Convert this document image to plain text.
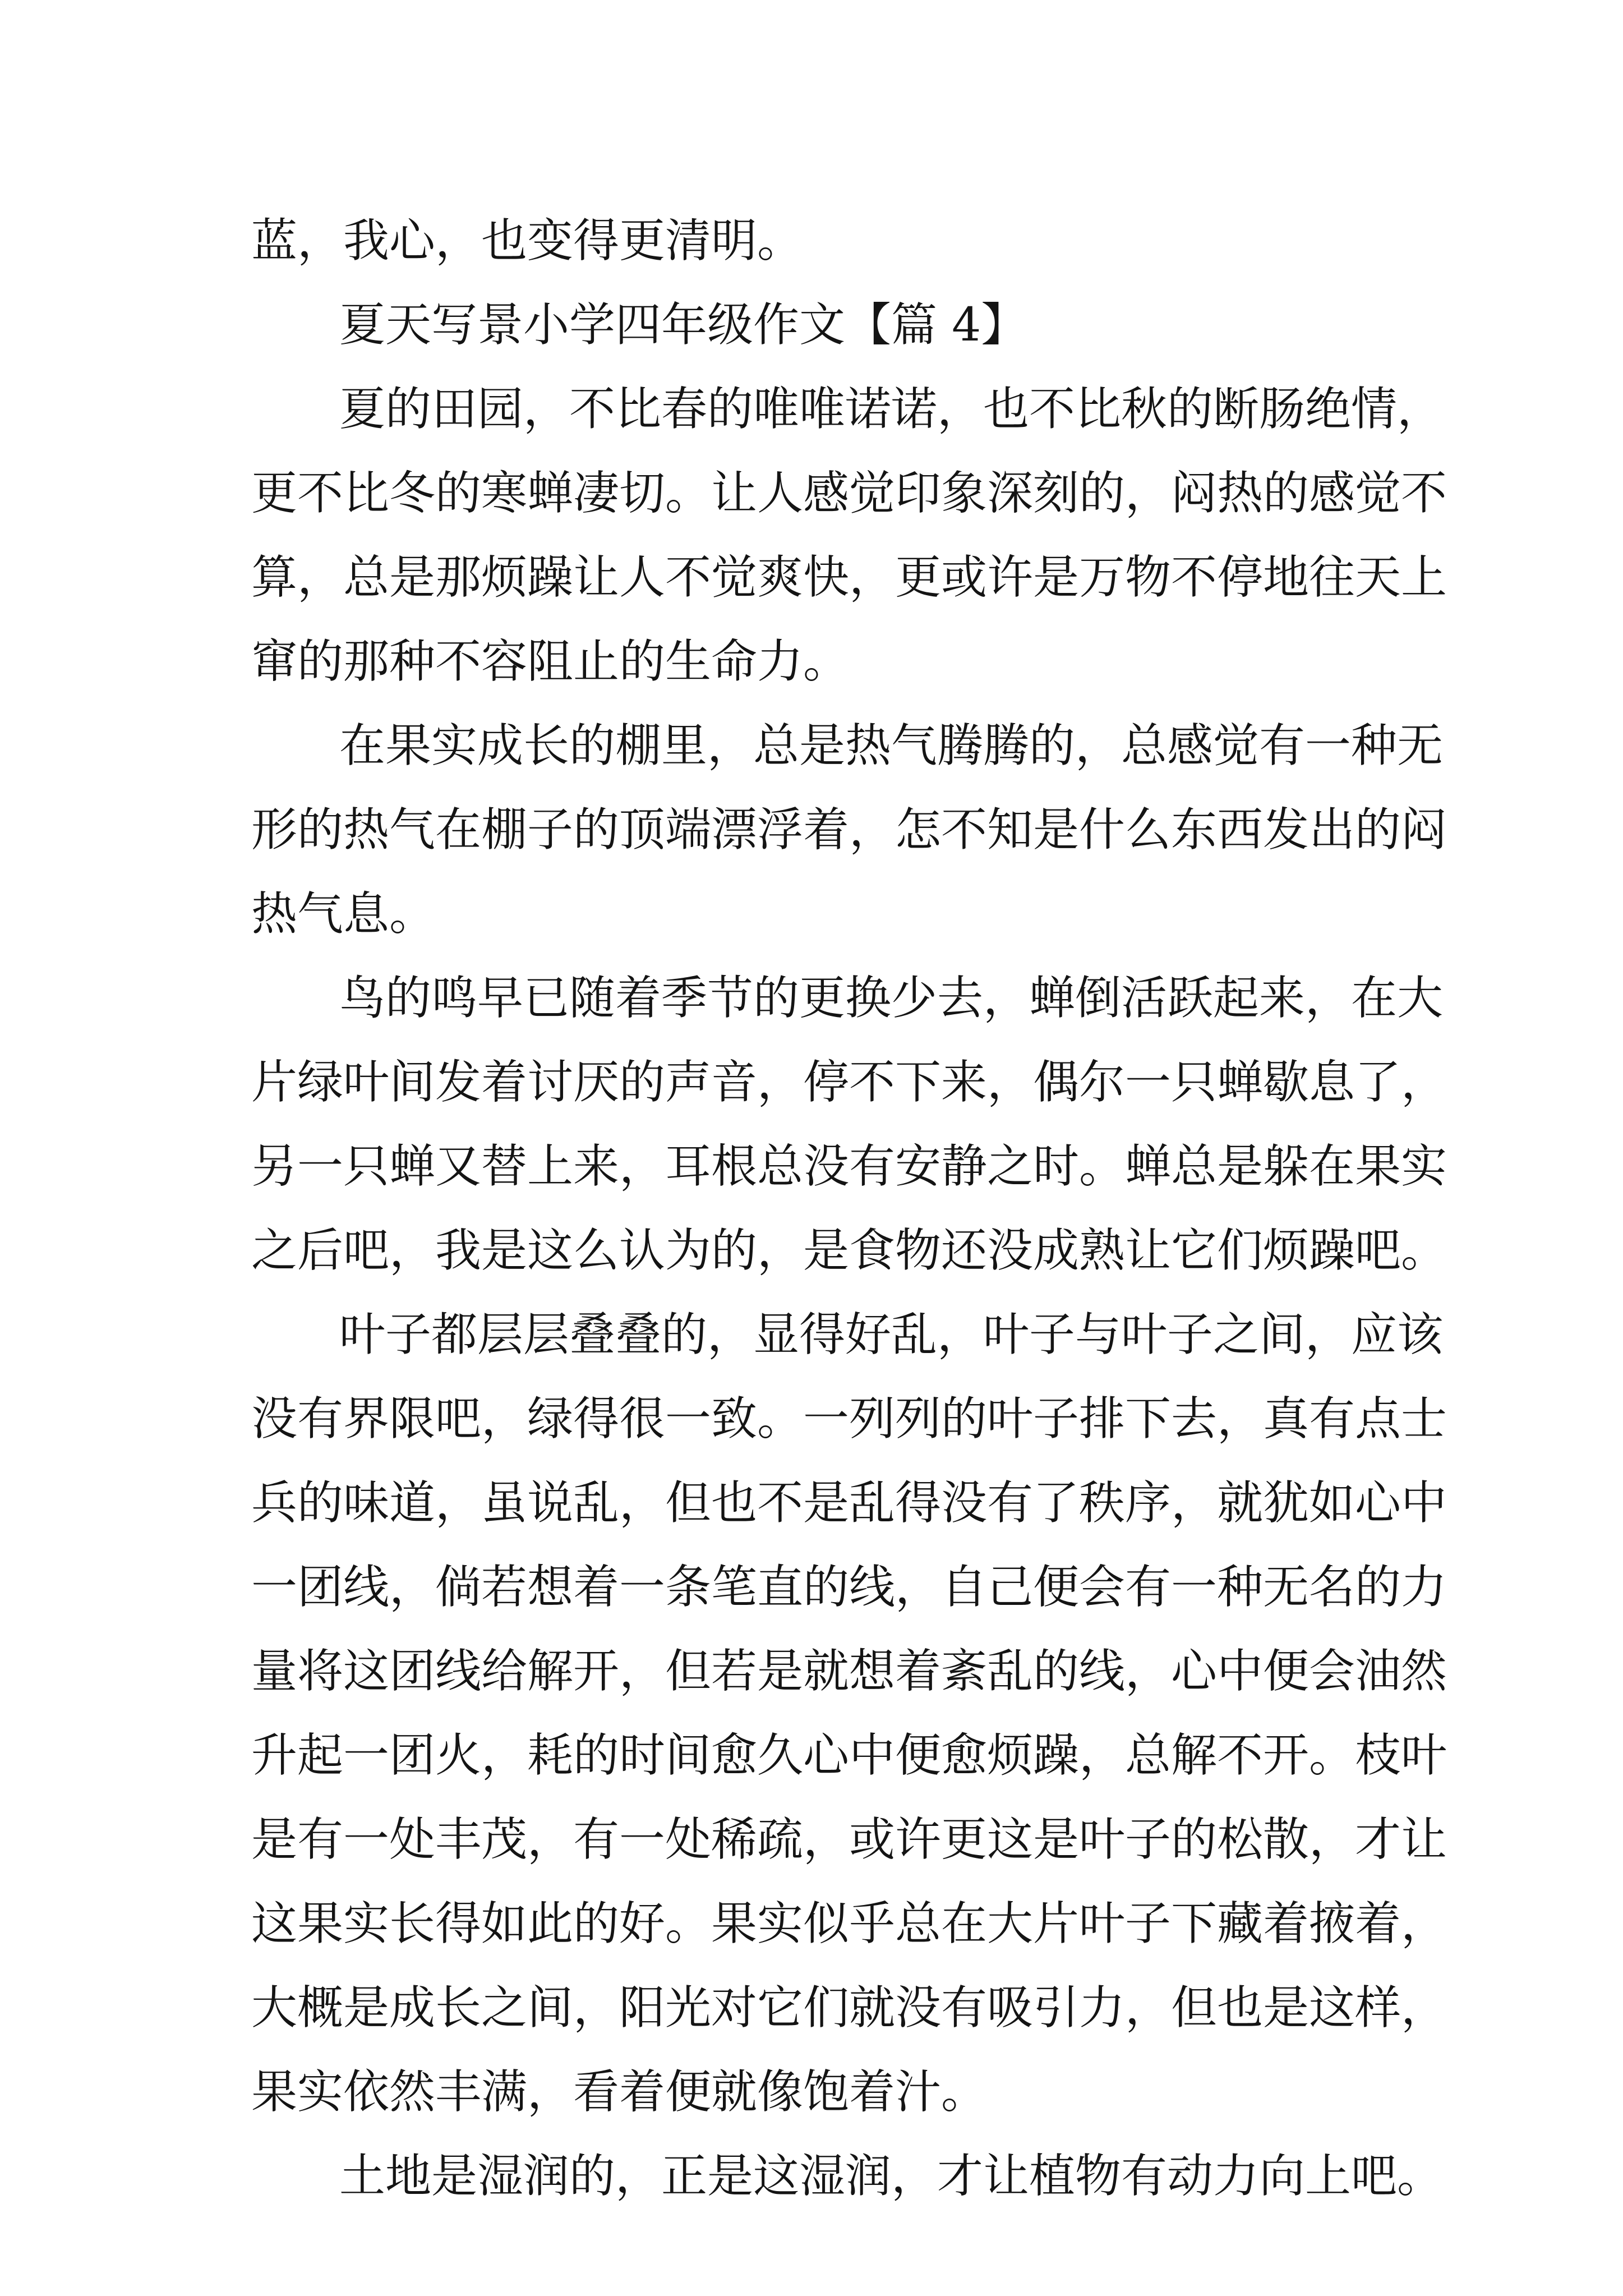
蓝，我心，也变得更清明。
夏天写景小学四年级作文【篇 4】
夏的田园，不比春的唯唯诺诺，也不比秋的断肠绝情，
更不比冬的寒蝉凄切。让人感觉印象深刻的，闷热的感觉不
算，总是那烦躁让人不觉爽快，更或许是万物不停地往天上
窜的那种不容阻止的生命力。
在果实成长的棚里，总是热气腾腾的，总感觉有一种无
形的热气在棚子的顶端漂浮着，怎不知是什么东西发出的闷
热气息。
鸟的鸣早已随着季节的更换少去，蝉倒活跃起来，在大
片绿叶间发着讨厌的声音，停不下来，偶尔一只蝉歇息了，
另一只蝉又替上来，耳根总没有安静之时。蝉总是躲在果实
之后吧，我是这么认为的，是食物还没成熟让它们烦躁吧。
叶子都层层叠叠的，显得好乱，叶子与叶子之间，应该
没有界限吧，绿得很一致。一列列的叶子排下去，真有点士
兵的味道，虽说乱，但也不是乱得没有了秩序，就犹如心中
一团线，倘若想着一条笔直的线，自己便会有一种无名的力
量将这团线给解开，但若是就想着紊乱的线，心中便会油然
升起一团火，耗的时间愈久心中便愈烦躁，总解不开。枝叶
是有一处丰茂，有一处稀疏，或许更这是叶子的松散，才让
这果实长得如此的好。果实似乎总在大片叶子下藏着掖着，
大概是成长之间，阳光对它们就没有吸引力，但也是这样，
果实依然丰满，看着便就像饱着汁。
土地是湿润的，正是这湿润，才让植物有动力向上吧。
